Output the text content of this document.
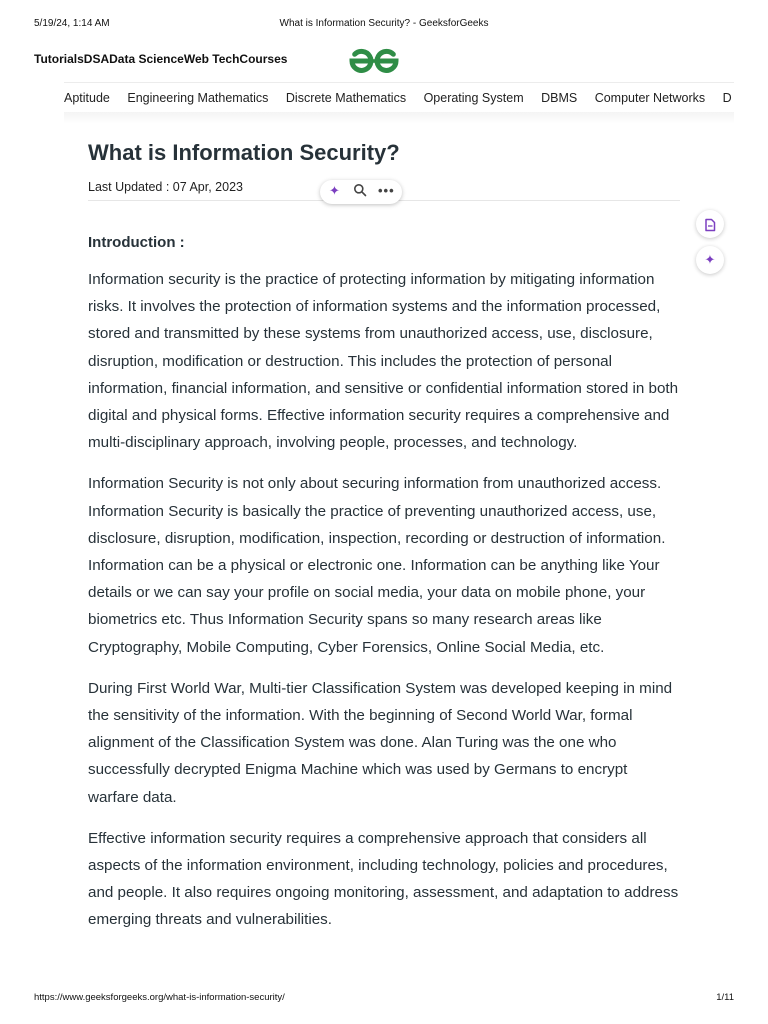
5/19/24, 1:14 AM	What is Information Security? - GeeksforGeeks
TutorialsDSAData ScienceWeb TechCourses
Aptitude Engineering Mathematics Discrete Mathematics Operating System DBMS Computer Networks D
What is Information Security?
Last Updated : 07 Apr, 2023	✦	•••
Introduction :

Information security is the practice of protecting information by mitigating information risks. It involves the protection of information systems and the information processed, stored and transmitted by these systems from unauthorized access, use, disclosure, disruption, modification or destruction. This includes the protection of personal information, financial information, and sensitive or confidential information stored in both digital and physical forms. Effective information security requires a comprehensive and multi-disciplinary approach, involving people, processes, and technology.

Information Security is not only about securing information from unauthorized access. Information Security is basically the practice of preventing unauthorized access, use, disclosure, disruption, modification, inspection, recording or destruction of information. Information can be a physical or electronic one. Information can be anything like Your details or we can say your profile on social media, your data on mobile phone, your biometrics etc. Thus Information Security spans so many research areas like Cryptography, Mobile Computing, Cyber Forensics, Online Social Media, etc.

During First World War, Multi-tier Classification System was developed keeping in mind the sensitivity of the information. With the beginning of Second World War, formal alignment of the Classification System was done. Alan Turing was the one who successfully decrypted Enigma Machine which was used by Germans to encrypt warfare data.

Effective information security requires a comprehensive approach that considers all aspects of the information environment, including technology, policies and procedures, and people. It also requires ongoing monitoring, assessment, and adaptation to address emerging threats and vulnerabilities.

✦
https://www.geeksforgeeks.org/what-is-information-security/	1/11
